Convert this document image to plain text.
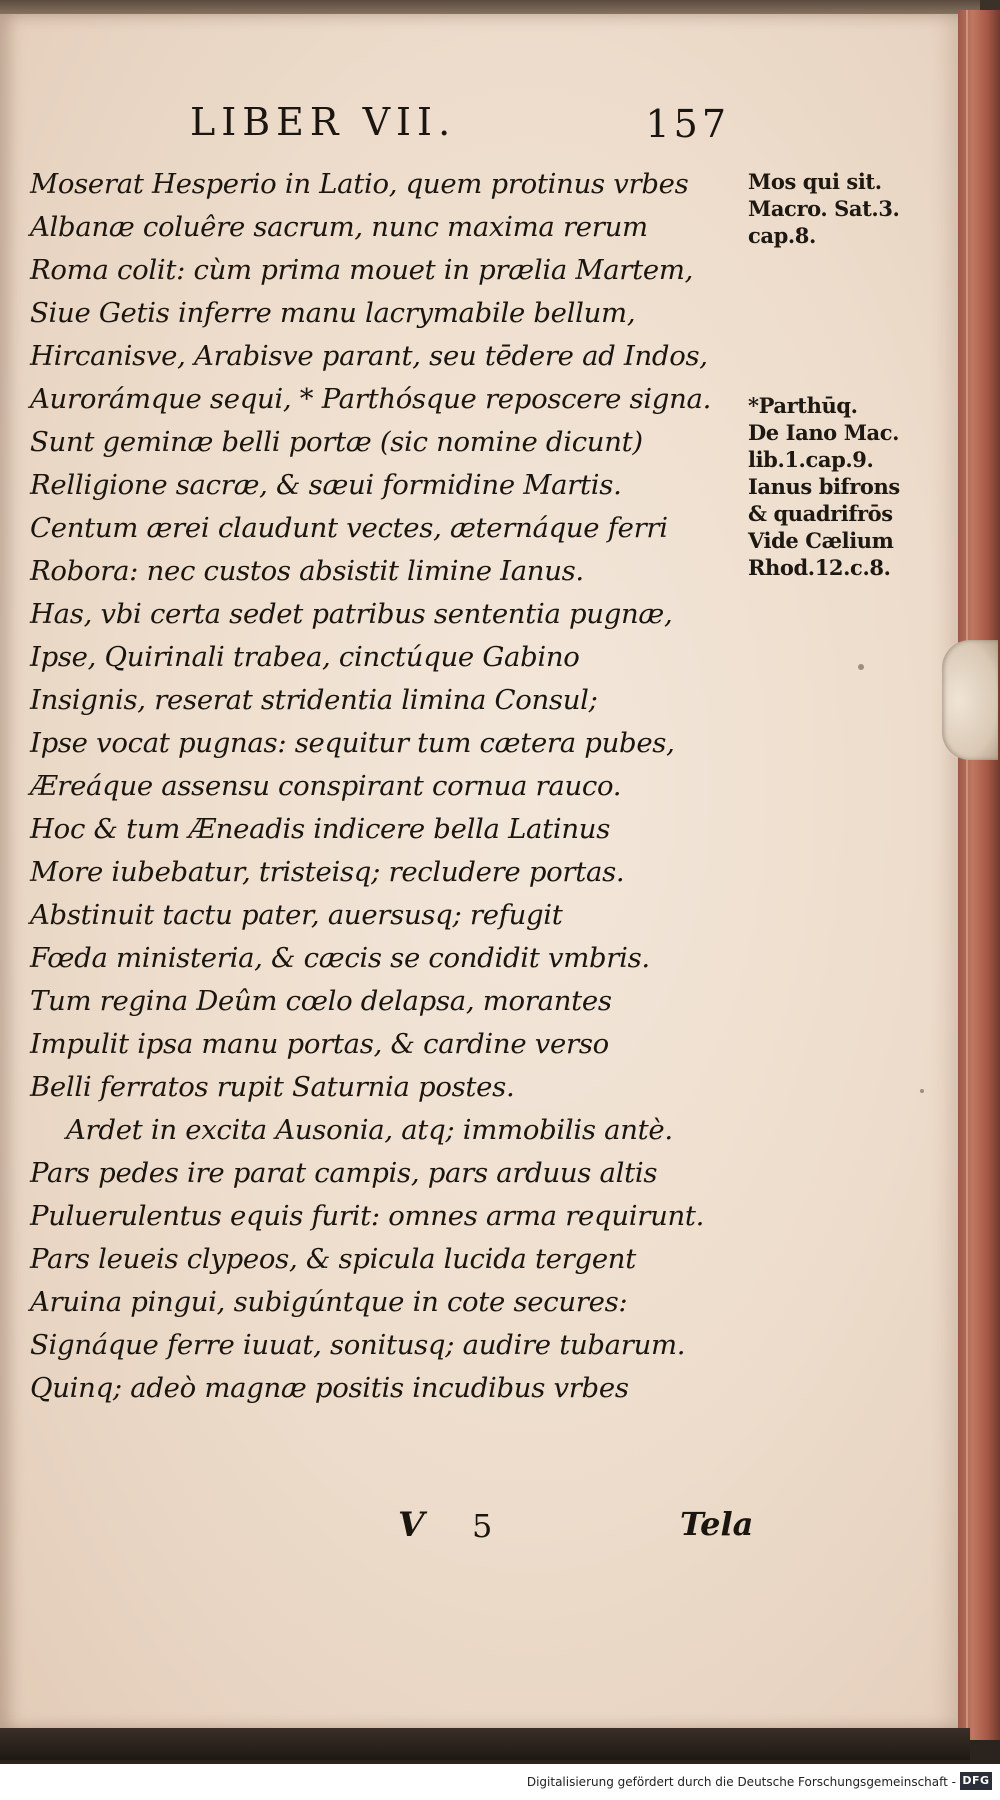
LIBER VII.	157
Moserat Hesperio in Latio, quem protinus vrbes
Albanæ coluêre sacrum, nunc maxima rerum
Roma colit: cùm prima mouet in prælia Martem,
Siue Getis inferre manu lacrymabile bellum,
Hircanisve, Arabisve parant, seu tēdere ad Indos,
Aurorámque sequi, * Parthósque reposcere signa.
Sunt geminæ belli portæ (sic nomine dicunt)
Relligione sacræ, & sæui formidine Martis.
Centum ærei claudunt vectes, æternáque ferri
Robora: nec custos absistit limine Ianus.
Has, vbi certa sedet patribus sententia pugnæ,
Ipse, Quirinali trabea, cinctúque Gabino
Insignis, reserat stridentia limina Consul;
Ipse vocat pugnas: sequitur tum cætera pubes,
Æreáque assensu conspirant cornua rauco.
Hoc & tum Æneadis indicere bella Latinus
More iubebatur, tristeisq; recludere portas.
Abstinuit tactu pater, auersusq; refugit
Fœda ministeria, & cæcis se condidit vmbris.
Tum regina Deûm cœlo delapsa, morantes
Impulit ipsa manu portas, & cardine verso
Belli ferratos rupit Saturnia postes.
Ardet in excita Ausonia, atq; immobilis antè.
Pars pedes ire parat campis, pars arduus altis
Puluerulentus equis furit: omnes arma requirunt.
Pars leueis clypeos, & spicula lucida tergent
Aruina pingui, subigúntque in cote secures:
Signáque ferre iuuat, sonitusq; audire tubarum.
Quinq; adeò magnæ positis incudibus vrbes
Mos qui sit.
Macro. Sat.3.
cap.8.
*Parthūq.
De Iano Mac.
lib.1.cap.9.
Ianus bifrons
& quadrifrōs
Vide Cælium
Rhod.12.c.8.
V 5	Tela
Digitalisierung gefördert durch die Deutsche Forschungsgemeinschaft - DFG
